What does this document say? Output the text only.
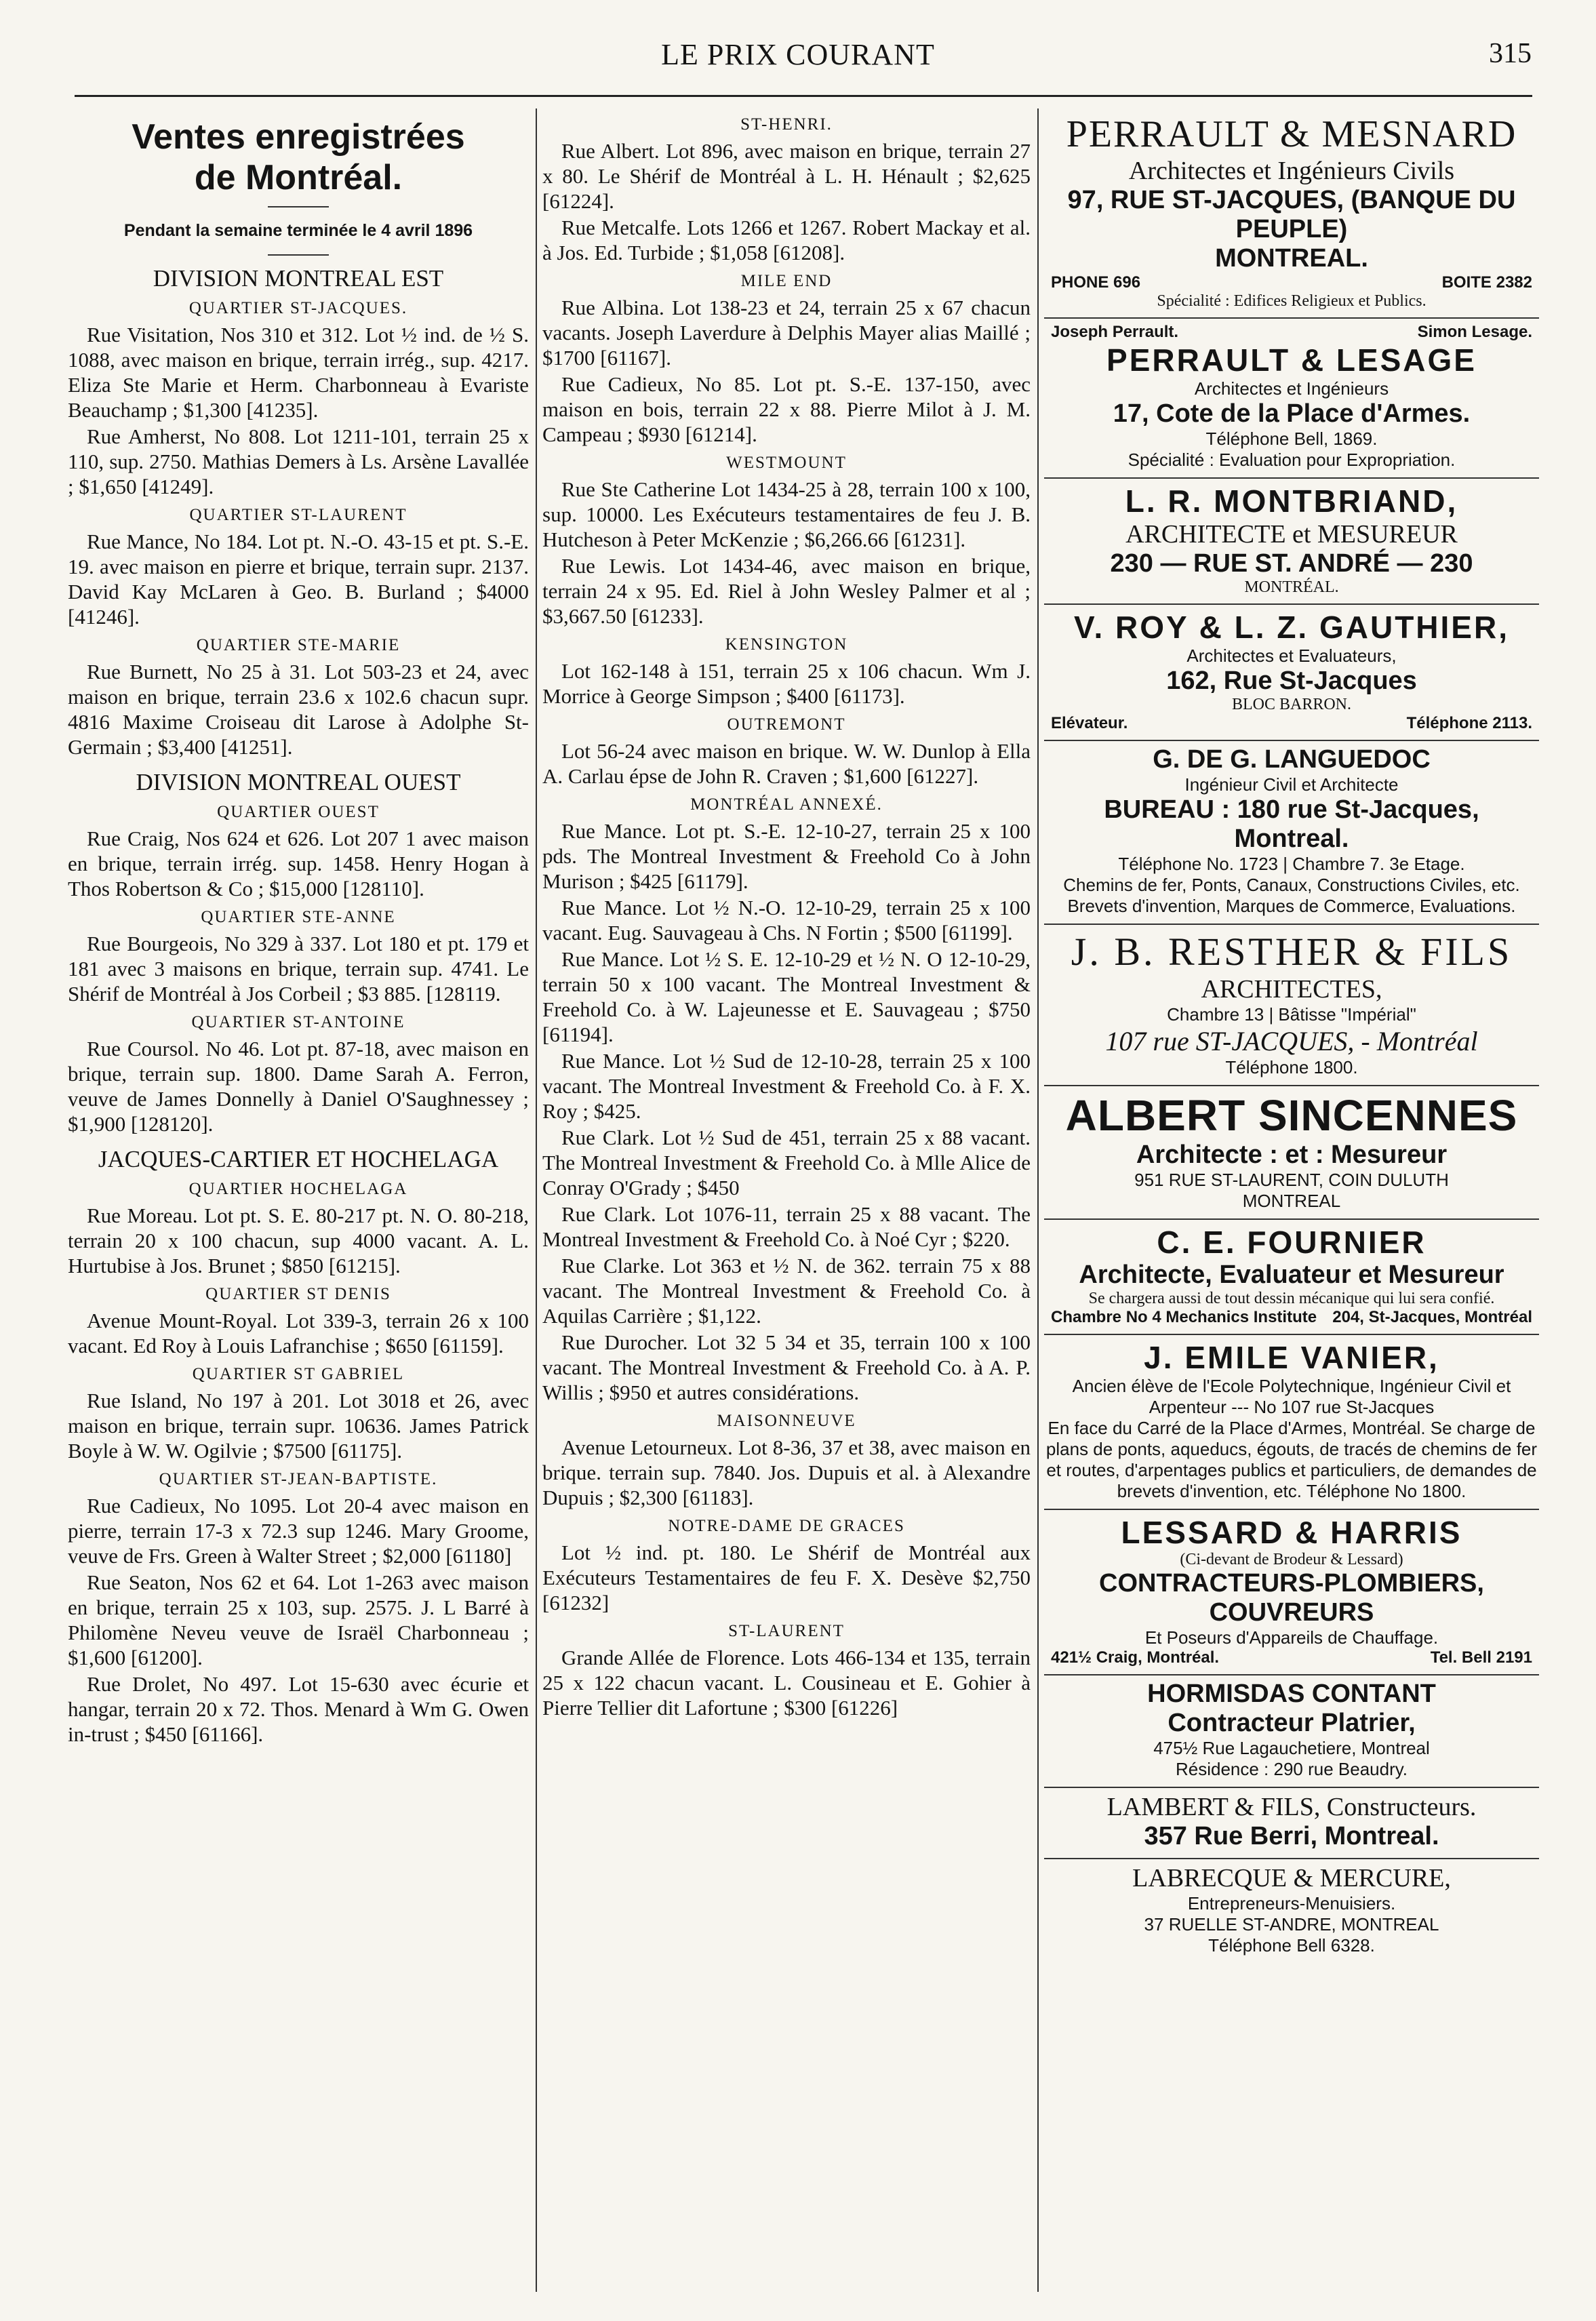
LE PRIX COURANT	315
Ventes enregistrées
de Montréal.
Pendant la semaine terminée le 4 avril 1896
DIVISION MONTREAL EST
QUARTIER ST-JACQUES.
Rue Visitation, Nos 310 et 312. Lot ½ ind. de ½ S. 1088, avec maison en brique, terrain irrég., sup. 4217. Eliza Ste Marie et Herm. Charbonneau à Evariste Beauchamp ; $1,300 [41235].
Rue Amherst, No 808. Lot 1211-101, terrain 25 x 110, sup. 2750. Mathias Demers à Ls. Arsène Lavallée ; $1,650 [41249].
QUARTIER ST-LAURENT
Rue Mance, No 184. Lot pt. N.-O. 43-15 et pt. S.-E. 19. avec maison en pierre et brique, terrain supr. 2137. David Kay McLaren à Geo. B. Burland ; $4000 [41246].
QUARTIER STE-MARIE
Rue Burnett, No 25 à 31. Lot 503-23 et 24, avec maison en brique, terrain 23.6 x 102.6 chacun supr. 4816 Maxime Croiseau dit Larose à Adolphe St-Germain ; $3,400 [41251].
DIVISION MONTREAL OUEST
QUARTIER OUEST
Rue Craig, Nos 624 et 626. Lot 207 1 avec maison en brique, terrain irrég. sup. 1458. Henry Hogan à Thos Robertson & Co ; $15,000 [128110].
QUARTIER STE-ANNE
Rue Bourgeois, No 329 à 337. Lot 180 et pt. 179 et 181 avec 3 maisons en brique, terrain sup. 4741. Le Shérif de Montréal à Jos Corbeil ; $3 885. [128119.
QUARTIER ST-ANTOINE
Rue Coursol. No 46. Lot pt. 87-18, avec maison en brique, terrain sup. 1800. Dame Sarah A. Ferron, veuve de James Donnelly à Daniel O'Saughnessey ; $1,900 [128120].
JACQUES-CARTIER ET HOCHELAGA
QUARTIER HOCHELAGA
Rue Moreau. Lot pt. S. E. 80-217 pt. N. O. 80-218, terrain 20 x 100 chacun, sup 4000 vacant. A. L. Hurtubise à Jos. Brunet ; $850 [61215].
QUARTIER ST DENIS
Avenue Mount-Royal. Lot 339-3, terrain 26 x 100 vacant. Ed Roy à Louis Lafranchise ; $650 [61159].
QUARTIER ST GABRIEL
Rue Island, No 197 à 201. Lot 3018 et 26, avec maison en brique, terrain supr. 10636. James Patrick Boyle à W. W. Ogilvie ; $7500 [61175].
QUARTIER ST-JEAN-BAPTISTE.
Rue Cadieux, No 1095. Lot 20-4 avec maison en pierre, terrain 17-3 x 72.3 sup 1246. Mary Groome, veuve de Frs. Green à Walter Street ; $2,000 [61180]
Rue Seaton, Nos 62 et 64. Lot 1-263 avec maison en brique, terrain 25 x 103, sup. 2575. J. L Barré à Philomène Neveu veuve de Israël Charbonneau ; $1,600 [61200].
Rue Drolet, No 497. Lot 15-630 avec écurie et hangar, terrain 20 x 72. Thos. Menard à Wm G. Owen in-trust ; $450 [61166].
ST-HENRI.
Rue Albert. Lot 896, avec maison en brique, terrain 27 x 80. Le Shérif de Montréal à L. H. Hénault ; $2,625 [61224].
Rue Metcalfe. Lots 1266 et 1267. Robert Mackay et al. à Jos. Ed. Turbide ; $1,058 [61208].
MILE END
Rue Albina. Lot 138-23 et 24, terrain 25 x 67 chacun vacants. Joseph Laverdure à Delphis Mayer alias Maillé ; $1700 [61167].
Rue Cadieux, No 85. Lot pt. S.-E. 137-150, avec maison en bois, terrain 22 x 88. Pierre Milot à J. M. Campeau ; $930 [61214].
WESTMOUNT
Rue Ste Catherine Lot 1434-25 à 28, terrain 100 x 100, sup. 10000. Les Exécuteurs testamentaires de feu J. B. Hutcheson à Peter McKenzie ; $6,266.66 [61231].
Rue Lewis. Lot 1434-46, avec maison en brique, terrain 24 x 95. Ed. Riel à John Wesley Palmer et al ; $3,667.50 [61233].
KENSINGTON
Lot 162-148 à 151, terrain 25 x 106 chacun. Wm J. Morrice à George Simpson ; $400 [61173].
OUTREMONT
Lot 56-24 avec maison en brique. W. W. Dunlop à Ella A. Carlau épse de John R. Craven ; $1,600 [61227].
MONTRÉAL ANNEXÉ.
Rue Mance. Lot pt. S.-E. 12-10-27, terrain 25 x 100 pds. The Montreal Investment & Freehold Co à John Murison ; $425 [61179].
Rue Mance. Lot ½ N.-O. 12-10-29, terrain 25 x 100 vacant. Eug. Sauvageau à Chs. N Fortin ; $500 [61199].
Rue Mance. Lot ½ S. E. 12-10-29 et ½ N. O 12-10-29, terrain 50 x 100 vacant. The Montreal Investment & Freehold Co. à W. Lajeunesse et E. Sauvageau ; $750 [61194].
Rue Mance. Lot ½ Sud de 12-10-28, terrain 25 x 100 vacant. The Montreal Investment & Freehold Co. à F. X. Roy ; $425.
Rue Clark. Lot ½ Sud de 451, terrain 25 x 88 vacant. The Montreal Investment & Freehold Co. à Mlle Alice de Conray O'Grady ; $450
Rue Clark. Lot 1076-11, terrain 25 x 88 vacant. The Montreal Investment & Freehold Co. à Noé Cyr ; $220.
Rue Clarke. Lot 363 et ½ N. de 362. terrain 75 x 88 vacant. The Montreal Investment & Freehold Co. à Aquilas Carrière ; $1,122.
Rue Durocher. Lot 32 5 34 et 35, terrain 100 x 100 vacant. The Montreal Investment & Freehold Co. à A. P. Willis ; $950 et autres considérations.
MAISONNEUVE
Avenue Letourneux. Lot 8-36, 37 et 38, avec maison en brique. terrain sup. 7840. Jos. Dupuis et al. à Alexandre Dupuis ; $2,300 [61183].
NOTRE-DAME DE GRACES
Lot ½ ind. pt. 180. Le Shérif de Montréal aux Exécuteurs Testamentaires de feu F. X. Desève $2,750 [61232]
ST-LAURENT
Grande Allée de Florence. Lots 466-134 et 135, terrain 25 x 122 chacun vacant. L. Cousineau et E. Gohier à Pierre Tellier dit Lafortune ; $300 [61226]
PERRAULT & MESNARD
Architectes et Ingénieurs Civils
97, RUE ST-JACQUES, (BANQUE DU PEUPLE)
MONTREAL.
PHONE 696	BOITE 2382
Spécialité : Edifices Religieux et Publics.
Joseph Perrault.	Simon Lesage.
PERRAULT & LESAGE
Architectes et Ingénieurs
17, Cote de la Place d'Armes.
Téléphone Bell, 1869.
Spécialité : Evaluation pour Expropriation.
L. R. MONTBRIAND,
ARCHITECTE et MESUREUR
230 — RUE ST. ANDRÉ — 230
MONTRÉAL.
V. ROY & L. Z. GAUTHIER,
Architectes et Evaluateurs,
162, Rue St-Jacques
BLOC BARRON.
Elévateur.	Téléphone 2113.
G. DE G. LANGUEDOC
Ingénieur Civil et Architecte
BUREAU : 180 rue St-Jacques, Montreal.
Téléphone No. 1723 | Chambre 7. 3e Etage.
Chemins de fer, Ponts, Canaux, Constructions Civiles, etc. Brevets d'invention, Marques de Commerce, Evaluations.
J. B. RESTHER & FILS
ARCHITECTES,
Chambre 13 | Bâtisse "Impérial"
107 rue ST-JACQUES, - Montréal
Téléphone 1800.
ALBERT SINCENNES
Architecte : et : Mesureur
951 RUE ST-LAURENT, COIN DULUTH
MONTREAL
C. E. FOURNIER
Architecte, Evaluateur et Mesureur
Se chargera aussi de tout dessin mécanique qui lui sera confié.
Chambre No 4 Mechanics Institute 204, St-Jacques, Montréal
J. EMILE VANIER,
Ancien élève de l'Ecole Polytechnique, Ingénieur Civil et Arpenteur --- No 107 rue St-Jacques
En face du Carré de la Place d'Armes, Montréal. Se charge de plans de ponts, aqueducs, égouts, de tracés de chemins de fer et routes, d'arpentages publics et particuliers, de demandes de brevets d'invention, etc. Téléphone No 1800.
LESSARD & HARRIS
(Ci-devant de Brodeur & Lessard)
CONTRACTEURS-PLOMBIERS, COUVREURS
Et Poseurs d'Appareils de Chauffage.
421½ Craig, Montréal.	Tel. Bell 2191
HORMISDAS CONTANT
Contracteur Platrier,
475½ Rue Lagauchetiere, Montreal
Résidence : 290 rue Beaudry.
LAMBERT & FILS, Constructeurs.
357 Rue Berri, Montreal.
LABRECQUE & MERCURE,
Entrepreneurs-Menuisiers.
37 RUELLE ST-ANDRE, MONTREAL
Téléphone Bell 6328.
